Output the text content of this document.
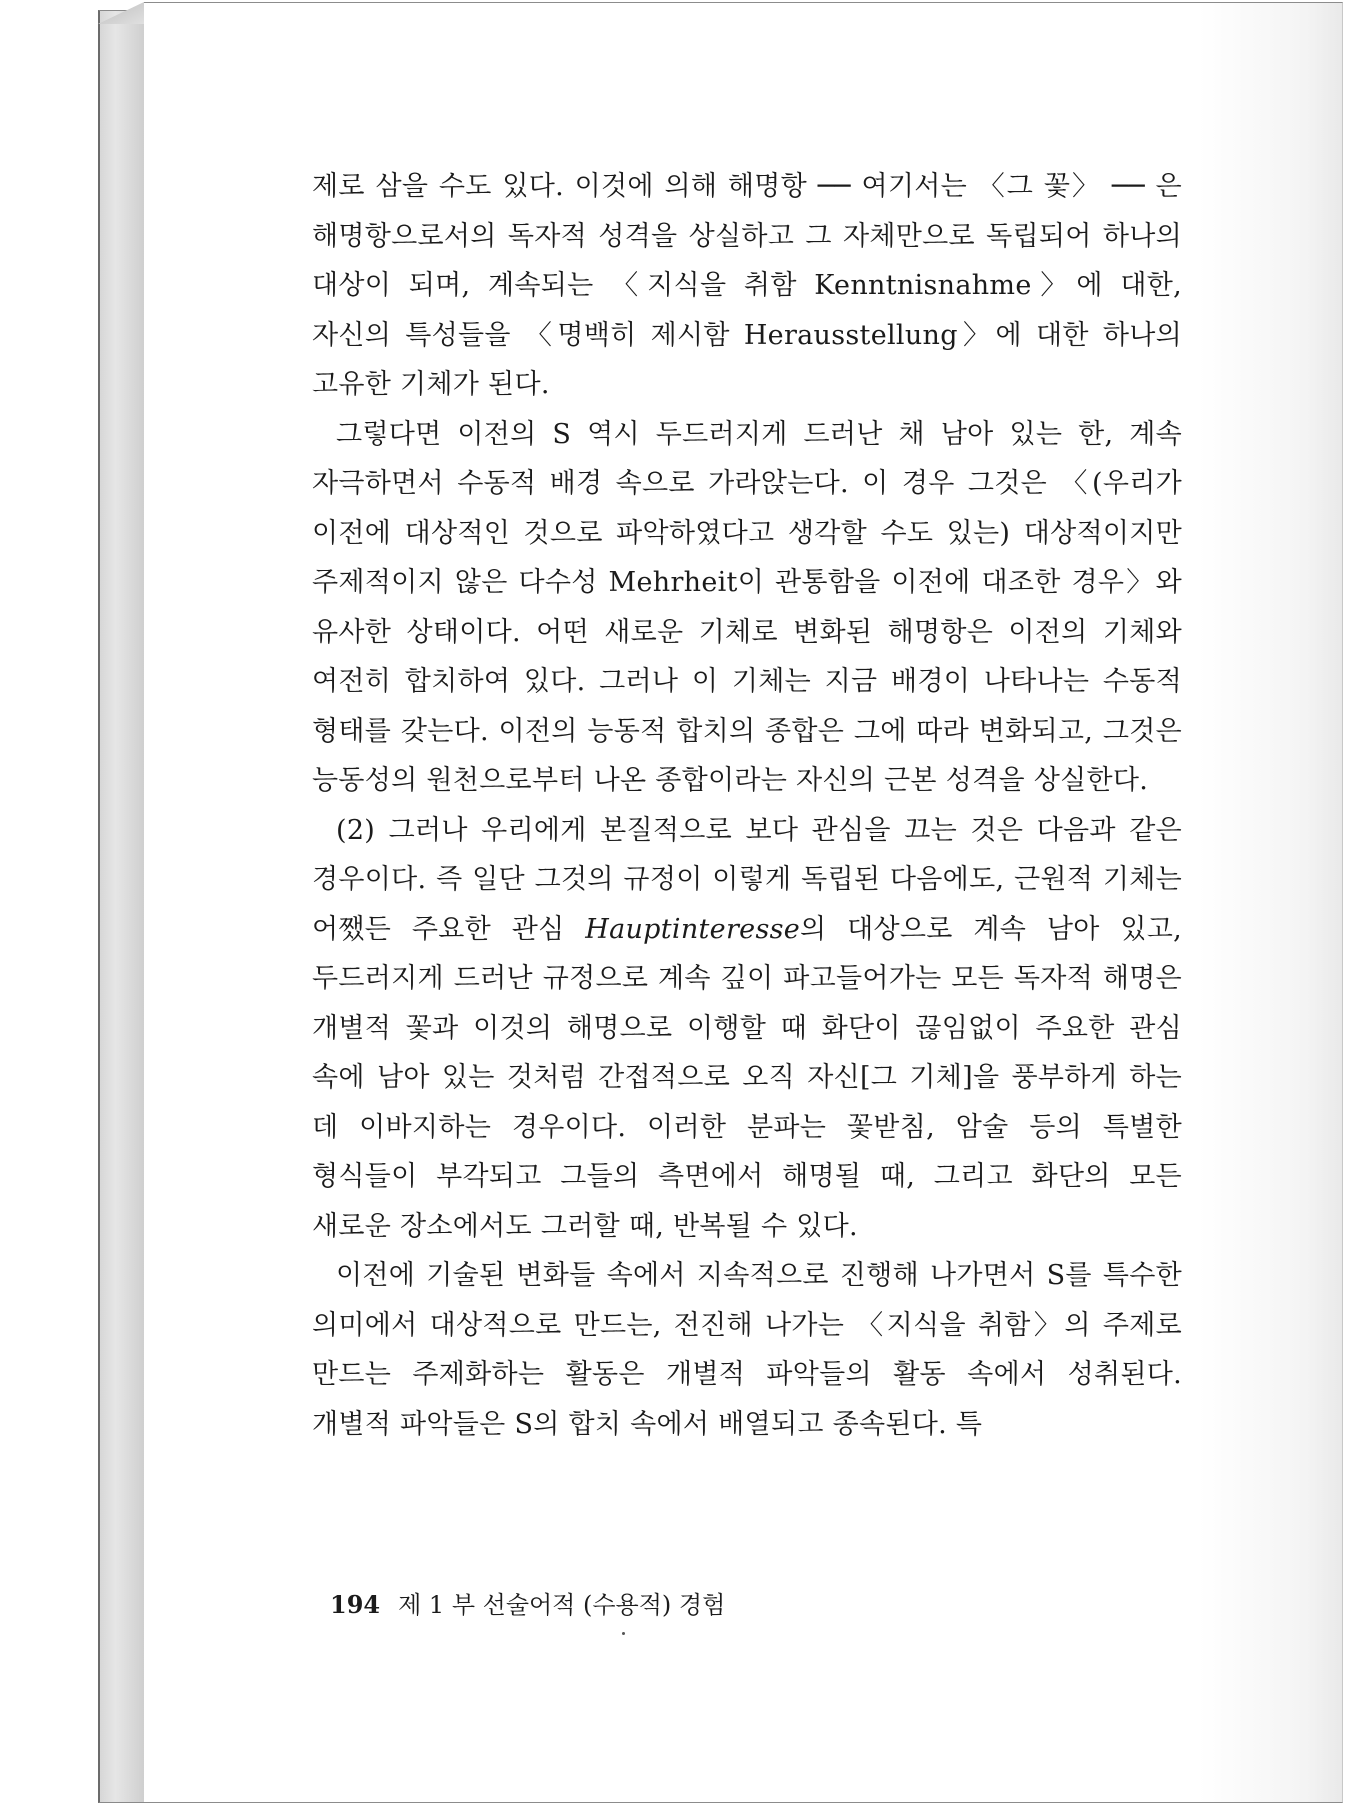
제로 삼을 수도 있다. 이것에 의해 해명항 ── 여기서는 〈그 꽃〉 ── 은 해명항으로서의 독자적 성격을 상실하고 그 자체만으로 독립되어 하나의 대상이 되며, 계속되는 〈지식을 취함 Kenntnisnahme〉에 대한, 자신의 특성들을 〈명백히 제시함 Herausstellung〉에 대한 하나의 고유한 기체가 된다.

그렇다면 이전의 S 역시 두드러지게 드러난 채 남아 있는 한, 계속 자극하면서 수동적 배경 속으로 가라앉는다. 이 경우 그것은 〈(우리가 이전에 대상적인 것으로 파악하였다고 생각할 수도 있는) 대상적이지만 주제적이지 않은 다수성 Mehrheit이 관통함을 이전에 대조한 경우〉와 유사한 상태이다. 어떤 새로운 기체로 변화된 해명항은 이전의 기체와 여전히 합치하여 있다. 그러나 이 기체는 지금 배경이 나타나는 수동적 형태를 갖는다. 이전의 능동적 합치의 종합은 그에 따라 변화되고, 그것은 능동성의 원천으로부터 나온 종합이라는 자신의 근본 성격을 상실한다.

(2) 그러나 우리에게 본질적으로 보다 관심을 끄는 것은 다음과 같은 경우이다. 즉 일단 그것의 규정이 이렇게 독립된 다음에도, 근원적 기체는 어쨌든 주요한 관심 Hauptinteresse의 대상으로 계속 남아 있고, 두드러지게 드러난 규정으로 계속 깊이 파고들어가는 모든 독자적 해명은 개별적 꽃과 이것의 해명으로 이행할 때 화단이 끊임없이 주요한 관심 속에 남아 있는 것처럼 간접적으로 오직 자신[그 기체]을 풍부하게 하는 데 이바지하는 경우이다. 이러한 분파는 꽃받침, 암술 등의 특별한 형식들이 부각되고 그들의 측면에서 해명될 때, 그리고 화단의 모든 새로운 장소에서도 그러할 때, 반복될 수 있다.

이전에 기술된 변화들 속에서 지속적으로 진행해 나가면서 S를 특수한 의미에서 대상적으로 만드는, 전진해 나가는 〈지식을 취함〉의 주제로 만드는 주제화하는 활동은 개별적 파악들의 활동 속에서 성취된다. 개별적 파악들은 S의 합치 속에서 배열되고 종속된다. 특

194 제 1 부 선술어적 (수용적) 경험
